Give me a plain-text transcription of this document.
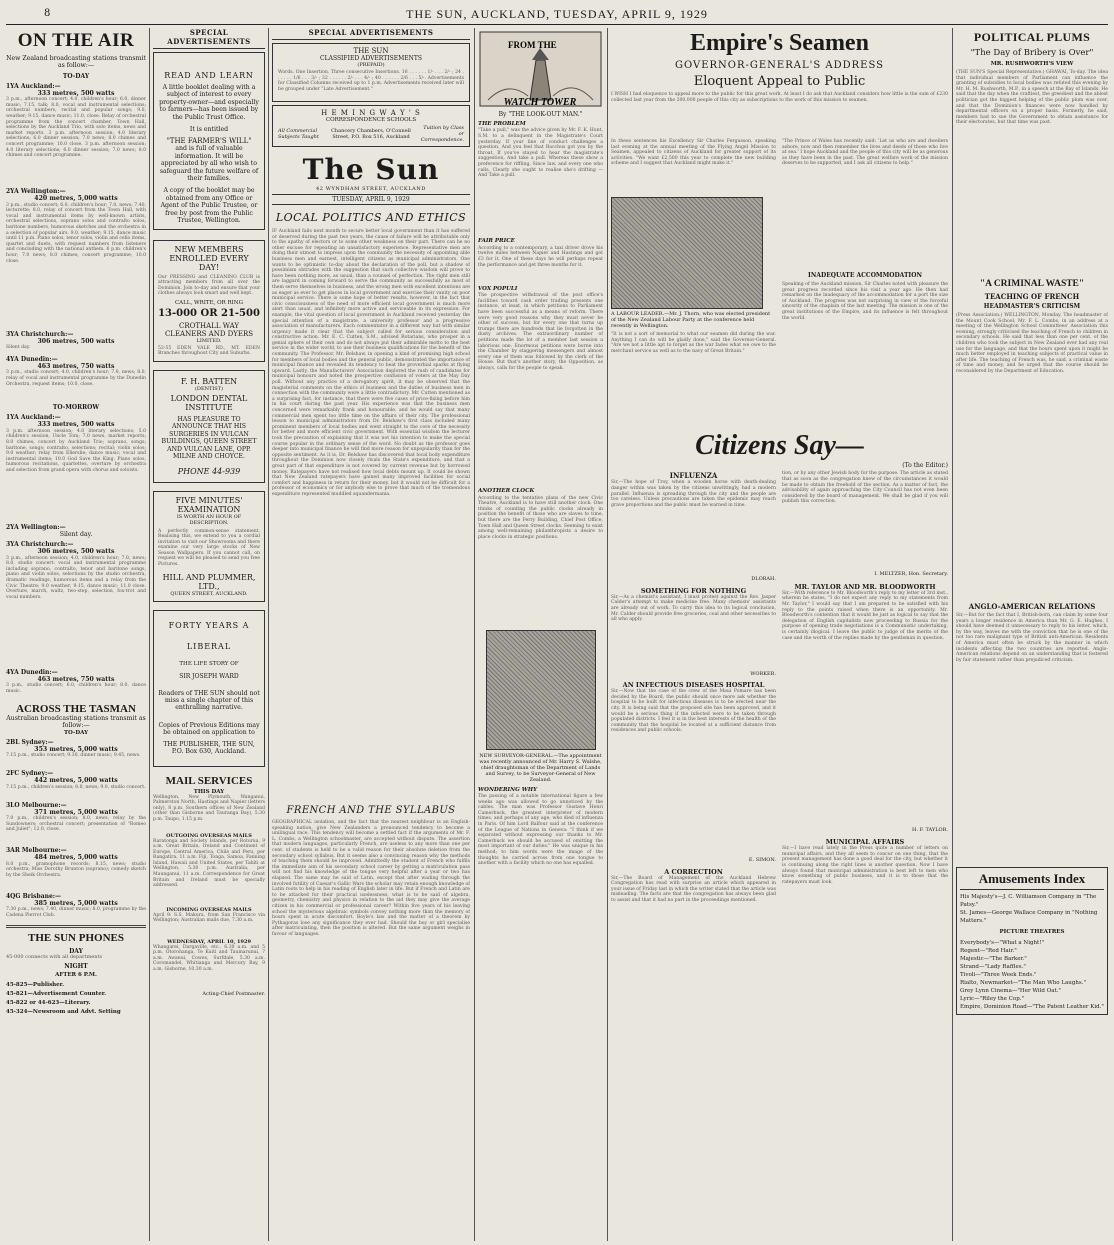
8	THE SUN, AUCKLAND, TUESDAY, APRIL 9, 1929
ON THE AIR
New Zealand broadcasting stations transmit as follow:—
TO-DAY
1YA Auckland:—
333 metres, 500 watts
3 p.m., afternoon concert; 4.0, children's hour; 6.0, dinner music; 7.15, talk; 8.0, vocal and instrumental selections; orchestral numbers, recital and popular songs; 9.0, weather; 9.15, dance music; 11.0, close. Relay of orchestral programme from the concert chamber, Town Hall, selections by the Auckland Trio, with solo items, news and market reports. 3 p.m. afternoon session; 4.0 literary selections; 6.0 dinner session; 7.0 news; 8.0 chimes and concert programme; 10.0 close. 3 p.m. afternoon session; 4.0 literary selections; 6.0 dinner session; 7.0 news; 8.0 chimes and concert programme.
2YA Wellington:—
420 metres, 5,000 watts
3 p.m., studio concert; 6.0, children's hour; 7.0, news; 7.40, lecturette; 8.0, relay of concert from the Town Hall, with vocal and instrumental items by well-known artists, orchestral selections, soprano solos and contralto solos, baritone numbers, humorous sketches and the orchestra in a selection of popular airs. 9.0, weather; 9.15, dance music until 11 p.m. Piano solos, tenor solos, violin and cello items, quartet and duets, with request numbers from listeners and concluding with the national anthem. 6 p.m. children's hour; 7.0 news; 8.0 chimes; concert programme; 10.0 close.
3YA Christchurch:—
306 metres, 500 watts
Silent day.
4YA Dunedin:—
463 metres, 750 watts
3 p.m., studio concert; 4.0, children's hour; 7.0, news; 8.0, relay of vocal and instrumental programme by the Dunedin Orchestra, request items; 10.0, close.
TO-MORROW
1YA Auckland:—
333 metres, 500 watts
3 p.m. afternoon session; 4.0 literary selections; 5.0 children's session, Uncle Tom; 7.0 news, market reports; 8.0 chimes; concert by Auckland Trio; soprano, songs; baritone, songs; contralto, selections; recital; violin solos; 9.0 weather; relay from Ellerslie; dance music; vocal and instrumental items; 10.0 God Save the King. Piano solos, humorous recitations, quartettes, overture by orchestra and selection from grand opera with chorus and soloists.
2YA Wellington:—
Silent day.
3YA Christchurch:—
306 metres, 500 watts
3 p.m., afternoon session; 4.0, children's hour; 7.0, news; 8.0, studio concert: vocal and instrumental programme including soprano, contralto, tenor and baritone songs, piano and violin solos, selections by the studio orchestra, dramatic readings, humorous items and a relay from the Civic Theatre; 9.0 weather; 9.15, dance music; 11.0 close. Overture, march, waltz, two-step, selection, fox-trot and vocal numbers.
4YA Dunedin:—
463 metres, 750 watts
3 p.m., studio concert; 6.0, children's hour; 8.0, dance music.
ACROSS THE TASMAN
Australian broadcasting stations transmit as follow:—
TO-DAY
2BL Sydney:—
353 metres, 5,000 watts
7.15 p.m., studio concert; 9.30, dinner music; 9.45, news.
2FC Sydney:—
442 metres, 5,000 watts
7.15 p.m., children's session; 8.0, news; 9.0, studio concert.
3LO Melbourne:—
371 metres, 5,000 watts
7.0 p.m., children's session; 8.0, news; relay by the Sundowners; orchestral concert; presentation of "Romeo and Juliet"; 12.0, close.
3AR Melbourne:—
484 metres, 5,000 watts
8.0 p.m., gramophone records; 8.15, news; studio orchestra; Miss Dorothy Brunton (soprano); comedy sketch by the Sheik Orchestra.
4QG Brisbane:—
385 metres, 5,000 watts
7.30 p.m., news; 7.40, dinner music; 8.0, programme by the Cadena Pierrot Club.
THE SUN PHONES
DAY
45-000 connects with all departments
NIGHT
AFTER 6 P.M.
45-825—Publisher.
45-821—Advertisement Counter.
45-822 or 44-623—Literary.
45-324—Newsroom and Advt. Setting
SPECIAL ADVERTISEMENTS
READ AND LEARN
A little booklet dealing with a subject of interest to every property-owner—and especially to farmers—has been issued by the Public Trust Office.
It is entitled
"THE FARMER'S WILL"
and is full of valuable information. It will be appreciated by all who wish to safeguard the future welfare of their families.
A copy of the booklet may be obtained from any Office or Agent of the Public Trustee, or free by post from the Public Trustee, Wellington.
NEW MEMBERS ENROLLED EVERY DAY!
Our PRESSING and CLEANING CLUB is attracting members from all over the Dominion. Join to-day and ensure that your clothes always look smart and well kept.
CALL, WRITE, OR RING
13-000 OR 21-500
CROTHALL WAY CLEANERS AND DYERS
LIMITED.
53-55 EDEN VALE RD., MT. EDEN Branches throughout City and Suburbs.
F. H. BATTEN
(DENTIST)
LONDON DENTAL INSTITUTE
HAS PLEASURE TO ANNOUNCE THAT HIS SURGERIES IN VULCAN BUILDINGS, QUEEN STREET AND VULCAN LANE, OPP. MILNE AND CHOYCE.
PHONE 44-939
FIVE MINUTES' EXAMINATION
IS WORTH AN HOUR OF DESCRIPTION.
A perfectly common-sense statement. Realising this, we extend to you a cordial invitation to visit our Showrooms and there examine our very large stocks of New Season Wallpapers. If you cannot call, on request we will be pleased to send you free Pictures.
HILL AND PLUMMER, LTD.,
QUEEN STREET, AUCKLAND.
FORTY YEARS A
LIBERAL
THE LIFE STORY OF
SIR JOSEPH WARD
Readers of THE SUN should not miss a single chapter of this enthralling narrative.
Copies of Previous Editions may be obtained on application to
THE PUBLISHER, THE SUN, P.O. Box 630, Auckland.
MAIL SERVICES
THIS DAY
Wellington, New Plymouth, Wanganui, Palmerston North, Hastings and Napier (letters only), 8 p.m. Southern offices of New Zealand (other than Gisborne and Tauranga Bay), 5.30 p.m. Taupo, 1.15 p.m.
OUTGOING OVERSEAS MAILS
Raratonga and Society Islands, per Rotorua, 9 a.m. Great Britain, Ireland and Continent of Europe, Central America, Chile and Peru, per Rangatira, 11 a.m. Fiji, Tonga, Samoa, Fanning Island, Hawaii and United States, per Tahiti at Wellington, 5.30 p.m. Australia, per Maunganui, 11 a.m. Correspondence for Great Britain and Ireland must be specially addressed.
INCOMING OVERSEAS MAILS
April 9: S.S. Makura, from San Francisco via Wellington; Australian mails due, 7.30 a.m.
WEDNESDAY, APRIL 10, 1929
Whangarei, Dargaville, etc., 6.30 a.m. and 5 p.m. Otorohanga, Te Kuiti and Taumarunui, 7 a.m. Awanui, Cowes, Surfdale, 5.30 a.m. Coromandel, Whitianga and Mercury Bay, 9 a.m. Gisborne, 10.30 a.m.
Acting-Chief Postmaster.
SPECIAL ADVERTISEMENTS
THE SUN
CLASSIFIED ADVERTISEMENTS
(PREPAID)
Words. One Insertion. Three consecutive Insertions. 16 . . . . . . 1/- . . . 2/- ; 24 . . . . . . 1/6 . . . 3/- ; 32 . . . . . . 2/- . . . 4/- ; 40 . . . . . . 2/6 . . . 5/-. Advertisements for Classified Columns received up to 1 p.m. Advertisements received later will be grouped under "Late Advertisement."
H E M I N G W A Y ' S
CORRESPONDENCE SCHOOLS
All Commercial Subjects Taught
Chancery Chambers, O'Connell Street, P.O. Box 516, Auckland
Tuition by Class or Correspondence.
The Sun
42 WYNDHAM STREET, AUCKLAND
TUESDAY, APRIL 9, 1929
LOCAL POLITICS AND ETHICS
IF Auckland fails next month to secure better local government than it has suffered or deserved during the past two years, the cause of failure will be attributable only to the apathy of electors or to some other weakness on their part. There can be no other excuse for repeating an unsatisfactory experience. Representative men are doing their utmost to impress upon the community the necessity of appointing able business men and earnest, intelligent citizens as municipal administrators. One wants to be optimistic to-day about the declaration of the poll, but a shadow of pessimism obtrudes with the suggestion that such collective wisdom will prove to have been nothing more, as usual, than a counsel of perfection. The right men still are laggard in coming forward to serve the community as successfully as most of them serve themselves in business, and the wrong men with excellent intentions are as eager as ever to get places in local government and exercise their vanity on poor municipal service. There is some hope of better results, however, in the fact that civic consciousness of the need of more efficient local government is much more alert than usual, and infinitely more active and serviceable in its expression. For example, the vital question of local government in Auckland received yesterday the special attention of a magistrate, a university professor and a progressive association of manufacturers. Each commentator in a different way but with similar urgency made it clear that the subject called for serious consideration and constructive action. Mr. E. C. Cutten, S.M., advised Rotarians, who prosper in a genial sphere of their own and do not always put their admirable motto to the best service in the wider world, to use their business qualifications for the benefit of the community. The Professor, Mr. Belshaw, in opening a kind of promising high school for members of local bodies and the general public, demonstrated the importance of municipal finance and revealed its tendency to beat the proverbial sparks at flying upward. Lastly, the Manufacturers' Association deplored the rush of candidates for municipal honours and noted the prospective confusion of voters at the May Day poll. Without any practice of a derogatory spirit, it may be observed that the magisterial comments on the ethics of business and the duties of business men in connection with the community were a little contradictory. Mr. Cutten mentioned as a surprising fact, for instance, that there were five cases of price-fixing before him in his court during the past year. His experience was that the business men concerned were remarkably frank and honourable, and he would say that many commercial men spent too little time on the affairs of their city. The professional lesson to municipal administrators from Dr. Belshaw's first class included many prominent members of local bodies and went straight to the core of the necessity for better and more efficient civic government. With essential wisdom the lecturer took the precaution of explaining that it was not his intention to make the special course popular in the ordinary sense of the word. No doubt as the professor goes deeper into municipal finance he will find more reason for unpopularity than for the opposite sentiment. As it is, Dr. Belshaw has discovered that local body expenditure throughout the Dominion now closely rivals the State's expenditure, and that a great part of that expenditure is not covered by current revenue but by borrowed money. Ratepayers have not realised how local debts mount up. It could be shown that New Zealand ratepayers have gained many improved facilities for social comfort and happiness in return for their money, but it would not be difficult for a professor of economics or for anybody else to prove that much of the tremendous expenditure represented muddled squandermania.
FRENCH AND THE SYLLABUS
GEOGRAPHICAL isolation, and the fact that the nearest neighbour is an English-speaking nation, give New Zealanders a pronounced tendency to become a unilingual race. This tendency will become a settled fact if the arguments of Mr. F. L. Combs, a Wellington schoolmaster, are accepted without dispute. The assertion that modern languages, particularly French, are useless to any more than one per cent. of students is held to be a valid reason for their absolute deletion from the secondary school syllabus. But it seems also a convincing reason why the methods of teaching them should be improved. Admittedly the student of French who fulfils the immediate aim of his secondary school career by getting a matriculation pass will not find his knowledge of the tongue very helpful after a year or two has elapsed. The same may be said of Latin, except that after wading through the involved futility of Caesar's Gallic Wars the scholar may retain enough knowledge of Latin roots to help in his reading of English later in life. But if French and Latin are to be attacked for their practical uselessness, what is to be said of algebra, geometry, chemistry and physics in relation to the aid they may give the average citizen in his commercial or professional career? Within five years of his leaving school the mysterious algebraic symbols convey nothing more than the memory of hours spent in acute discomfort. Boyle's law and the matter of a theorem by Pythagoras lose any significance they ever had. Should the boy or girl specialise after matriculating, then the position is altered. But the same argument weighs in favour of languages.
FROM THE
WATCH TOWER
By "THE LOOK-OUT MAN."
THE PROBLEM
"Take a pull," was the advice given by Mr. F. K. Hunt, S.M. to a delinquent in the Magistrate's Court yesterday. If your line of conduct challenges a question, And you feel that Bacchus got you by the throat, If you've stayed to hear the magistrate's suggestion, And take a pull. Whereas these show a preference for riffling, Since law, and every one who calls, Clearly she ought to realise she's drifting — And Take a pull.
FAIR PRICE
According to a contemporary, a taxi driver drove his twelve miles between Napier and Hastings and got £3 for it. One of these days he will perhaps repeat the performance and get three months for it.
VOX POPULI
The prospective withdrawal of the post office's facilities toward cash order trading presents one instance, at least, in which petitions to Parliament have been successful as a means of reform. There were very good reasons why they must never be other of success, but for every one that turns up trumps there are hundreds that lie forgotten in the dusty archives. The extraordinary number of petitions made the lot of a member last session a laborious one. Enormous petitions were borne into the Chamber by staggering messengers and almost every one of them was followed by the clerk of the House. But that's another story, the Opposition, as always, calls for the people to speak.
ANOTHER CLOCK
According to the tentative plans of the new Civic Theatre, Auckland is to have still another clock. One thinks of counting the public clocks already in position the benefit of those who are slaves to time, but there are the Ferry Building, Chief Post Office, Town Hall and Queen Street clocks. Seeming to exist among well-remaining philanthropists a desire to place clocks in strategic positions.
NEW SURVEYOR-GENERAL.—The appointment was recently announced of Mr. Harry S. Walshe, chief draughtsman of the Department of Lands and Survey, to be Surveyor-General of New Zealand.
WONDERING WHY
The passing of a notable international figure a few weeks ago was allowed to go unnoticed by the cables. The man was Professor Gustave Henri Camerbuck, the greatest interpreter of modern times, and perhaps of any age, who died of influenza in Paris. Of him Lord Balfour said at the conference of the League of Nations in Geneva: "I think if we separated without expressing our thanks to Mr. Camerbuck we should be accused of omitting the most important of our duties." He was unique in his method; to him words were the image of the thoughts he carried across from one tongue to another with a facility which no one has equalled.
Empire's Seamen
GOVERNOR-GENERAL'S ADDRESS
Eloquent Appeal to Public
I WISH I had eloquence to appeal more to the public for this great work. At least I do ask that Auckland considers how little is the sum of £230 collected last year from the 200,000 people of this city as subscriptions to the work of this mission to seamen.
In these sentences his Excellency Sir Charles Fergusson, speaking last evening at the annual meeting of the Flying Angel Mission to Seamen, appealed to citizens of Auckland for greater support of its activities. "We want £2,500 this year to complete the new building scheme and I suggest that Auckland might make it."
A LABOUR LEADER.—Mr. J. Thorn, who was elected president of the New Zealand Labour Party at the conference held recently in Wellington.
"It is not a sort of memorial to what our seamen did during the war. Anything I can do will be gladly done," said the Governor-General. "Are we not a little apt to forget as the war fades what we owe to the merchant service as well as to the navy of Great Britain."
"The Prince of Wales has recently said: 'Let us who are and dwellers ashore, now and then remember the lives and deeds of those who live at sea.' I hope Auckland and the people of this city will be as generous as they have been in the past. The great welfare work of the mission deserves to be supported, and I ask all citizens to help."
INADEQUATE ACCOMMODATION
Speaking of the Auckland mission, Sir Charles noted with pleasure the great progress recorded since his visit a year ago. He then had remarked on the inadequacy of the accommodation for a port the size of Auckland. The progress was not surprising in view of the forceful sincerity of the chaplain of the last meeting. The mission is one of the great institutions of the Empire, and its influence is felt throughout the world.
Citizens Say—
(To the Editor.)
INFLUENZA
Sir,—The hope of Troy, when a wooden horse with death-dealing danger within was taken by the citizens unwittingly, had a modern parallel. Influenza is spreading through the city and the people are too careless. Unless precautions are taken the epidemic may reach grave proportions and the public must be warned in time.
DLORAH.
SOMETHING FOR NOTHING
Sir,—As a chemist's assistant, I must protest against the Rev. Jasper Calder's attempt to make medicine free. Many chemists' assistants are already out of work. To carry this idea to its logical conclusion, Mr. Calder should provide free groceries, coal and other necessities to all who apply.
WORKER.
AN INFECTIOUS DISEASES HOSPITAL
Sir,—Now that the case of the crew of the Maui Pomare has been decided by the Board, the public should once more ask whether the hospital to be built for infectious diseases is to be erected near the city. It is being said that the proposed site has been approved, and it would be a serious thing if the infected were to be taken through populated districts. I feel it is in the best interests of the health of the community that the hospital be located at a sufficient distance from residences and public schools.
E. SIMON.
A CORRECTION
Sir,—The Board of Management of the Auckland Hebrew Congregation has read with surprise an article which appeared in your issue of Friday last in which the writer stated that the article was misleading. The facts are that the congregation has always been glad to assist and that it had no part in the proceedings mentioned.
tion, or by any other Jewish body for the purpose. The article as stated that as soon as the congregation knew of the circumstances it would be made to obtain the freehold of the section. As a matter of fact, the advisability of again approaching the City Council has not even been considered by the board of management. We shall be glad if you will publish this correction.
I. MELTZER, Hon. Secretary.
MR. TAYLOR AND MR. BLOODWORTH
Sir,—With reference to Mr. Bloodworth's reply to my letter of 3rd inst., wherein he states, "I do not expect any reply to my statements from Mr. Taylor," I would say that I am prepared to be satisfied with his reply to the points raised when there is an opportunity. Mr. Bloodworth's contention that it would be just as logical to say that the delegation of English capitalists now proceeding to Russia for the purpose of opening trade negotiations is a Communistic undertaking, is certainly illogical. I leave the public to judge of the merits of the case and the worth of the replies made by the gentleman in question.
H. F. TAYLOR.
MUNICIPAL AFFAIRS
Sir,—I have read lately in the Press quite a number of letters on municipal affairs, and they all seem to concur on one thing, that the present management has done a good deal for the city, but whether it is continuing along the right lines is another question. Now I have always found that municipal administration is best left to men who know something of public business, and it is to those that the ratepayers must look.
POLITICAL PLUMS
"The Day of Bribery is Over"
MR. RUSHWORTH'S VIEW
(THE SUN'S Special Representative.) GHAWAI, To-day. The idea that individual members of Parliament can influence the granting of subsidies to local bodies was refuted this evening by Mr. H. M. Rushworth, M.P., in a speech at the Bay of Islands. He said that the day when the craftiest, the greediest and the ablest politician got the biggest helping of the public plum was over, and that the Dominion's finances were now handled by departmental officers on a proper basis. Formerly, he said, members had to sue the Government to obtain assistance for their electorates, but that time was past.
"A CRIMINAL WASTE"
TEACHING OF FRENCH
HEADMASTER'S CRITICISM
(Press Association.) WELLINGTON, Monday. The headmaster of the Mount Cook School, Mr. F. L. Combs, in an address at a meeting of the Wellington School Committees' Association this evening, strongly criticised the teaching of French to children in secondary schools. He said that less than one per cent. of the children who took the subject in New Zealand ever had any real use for the language, and that the hours spent upon it might be much better employed in teaching subjects of practical value in after life. The teaching of French was, he said, a criminal waste of time and money, and he urged that the course should be reconsidered by the Department of Education.
ANGLO-AMERICAN RELATIONS
Sir,—But for the fact that I, British-born, can claim by some four years a longer residence in America than Mr. G. E. Hughes, I should have deemed it unnecessary to reply to his letter, which, by the way, leaves me with the conviction that he is one of the not too rare malignant type of British anti-American. Residents of America must often be struck by the manner in which incidents affecting the two countries are reported. Anglo-American relations depend on an understanding that is fostered by fair statement rather than prejudiced criticism.
Amusements Index
His Majesty's—J. C. Williamson Company in "The Patsy."
St. James—George Wallace Company in "Nothing Matters."
PICTURE THEATRES
Everybody's—"What a Night!"
Regent—"Red Hair."
Majestic—"The Barker."
Strand—"Lady Raffles."
Tivoli—"Three Week Ends."
Rialto, Newmarket—"The Man Who Laughs."
Grey Lynn Cinema—"Her Wild Oat."
Lyric—"Riley the Cop."
Empire, Dominion Road—"The Patent Leather Kid."
